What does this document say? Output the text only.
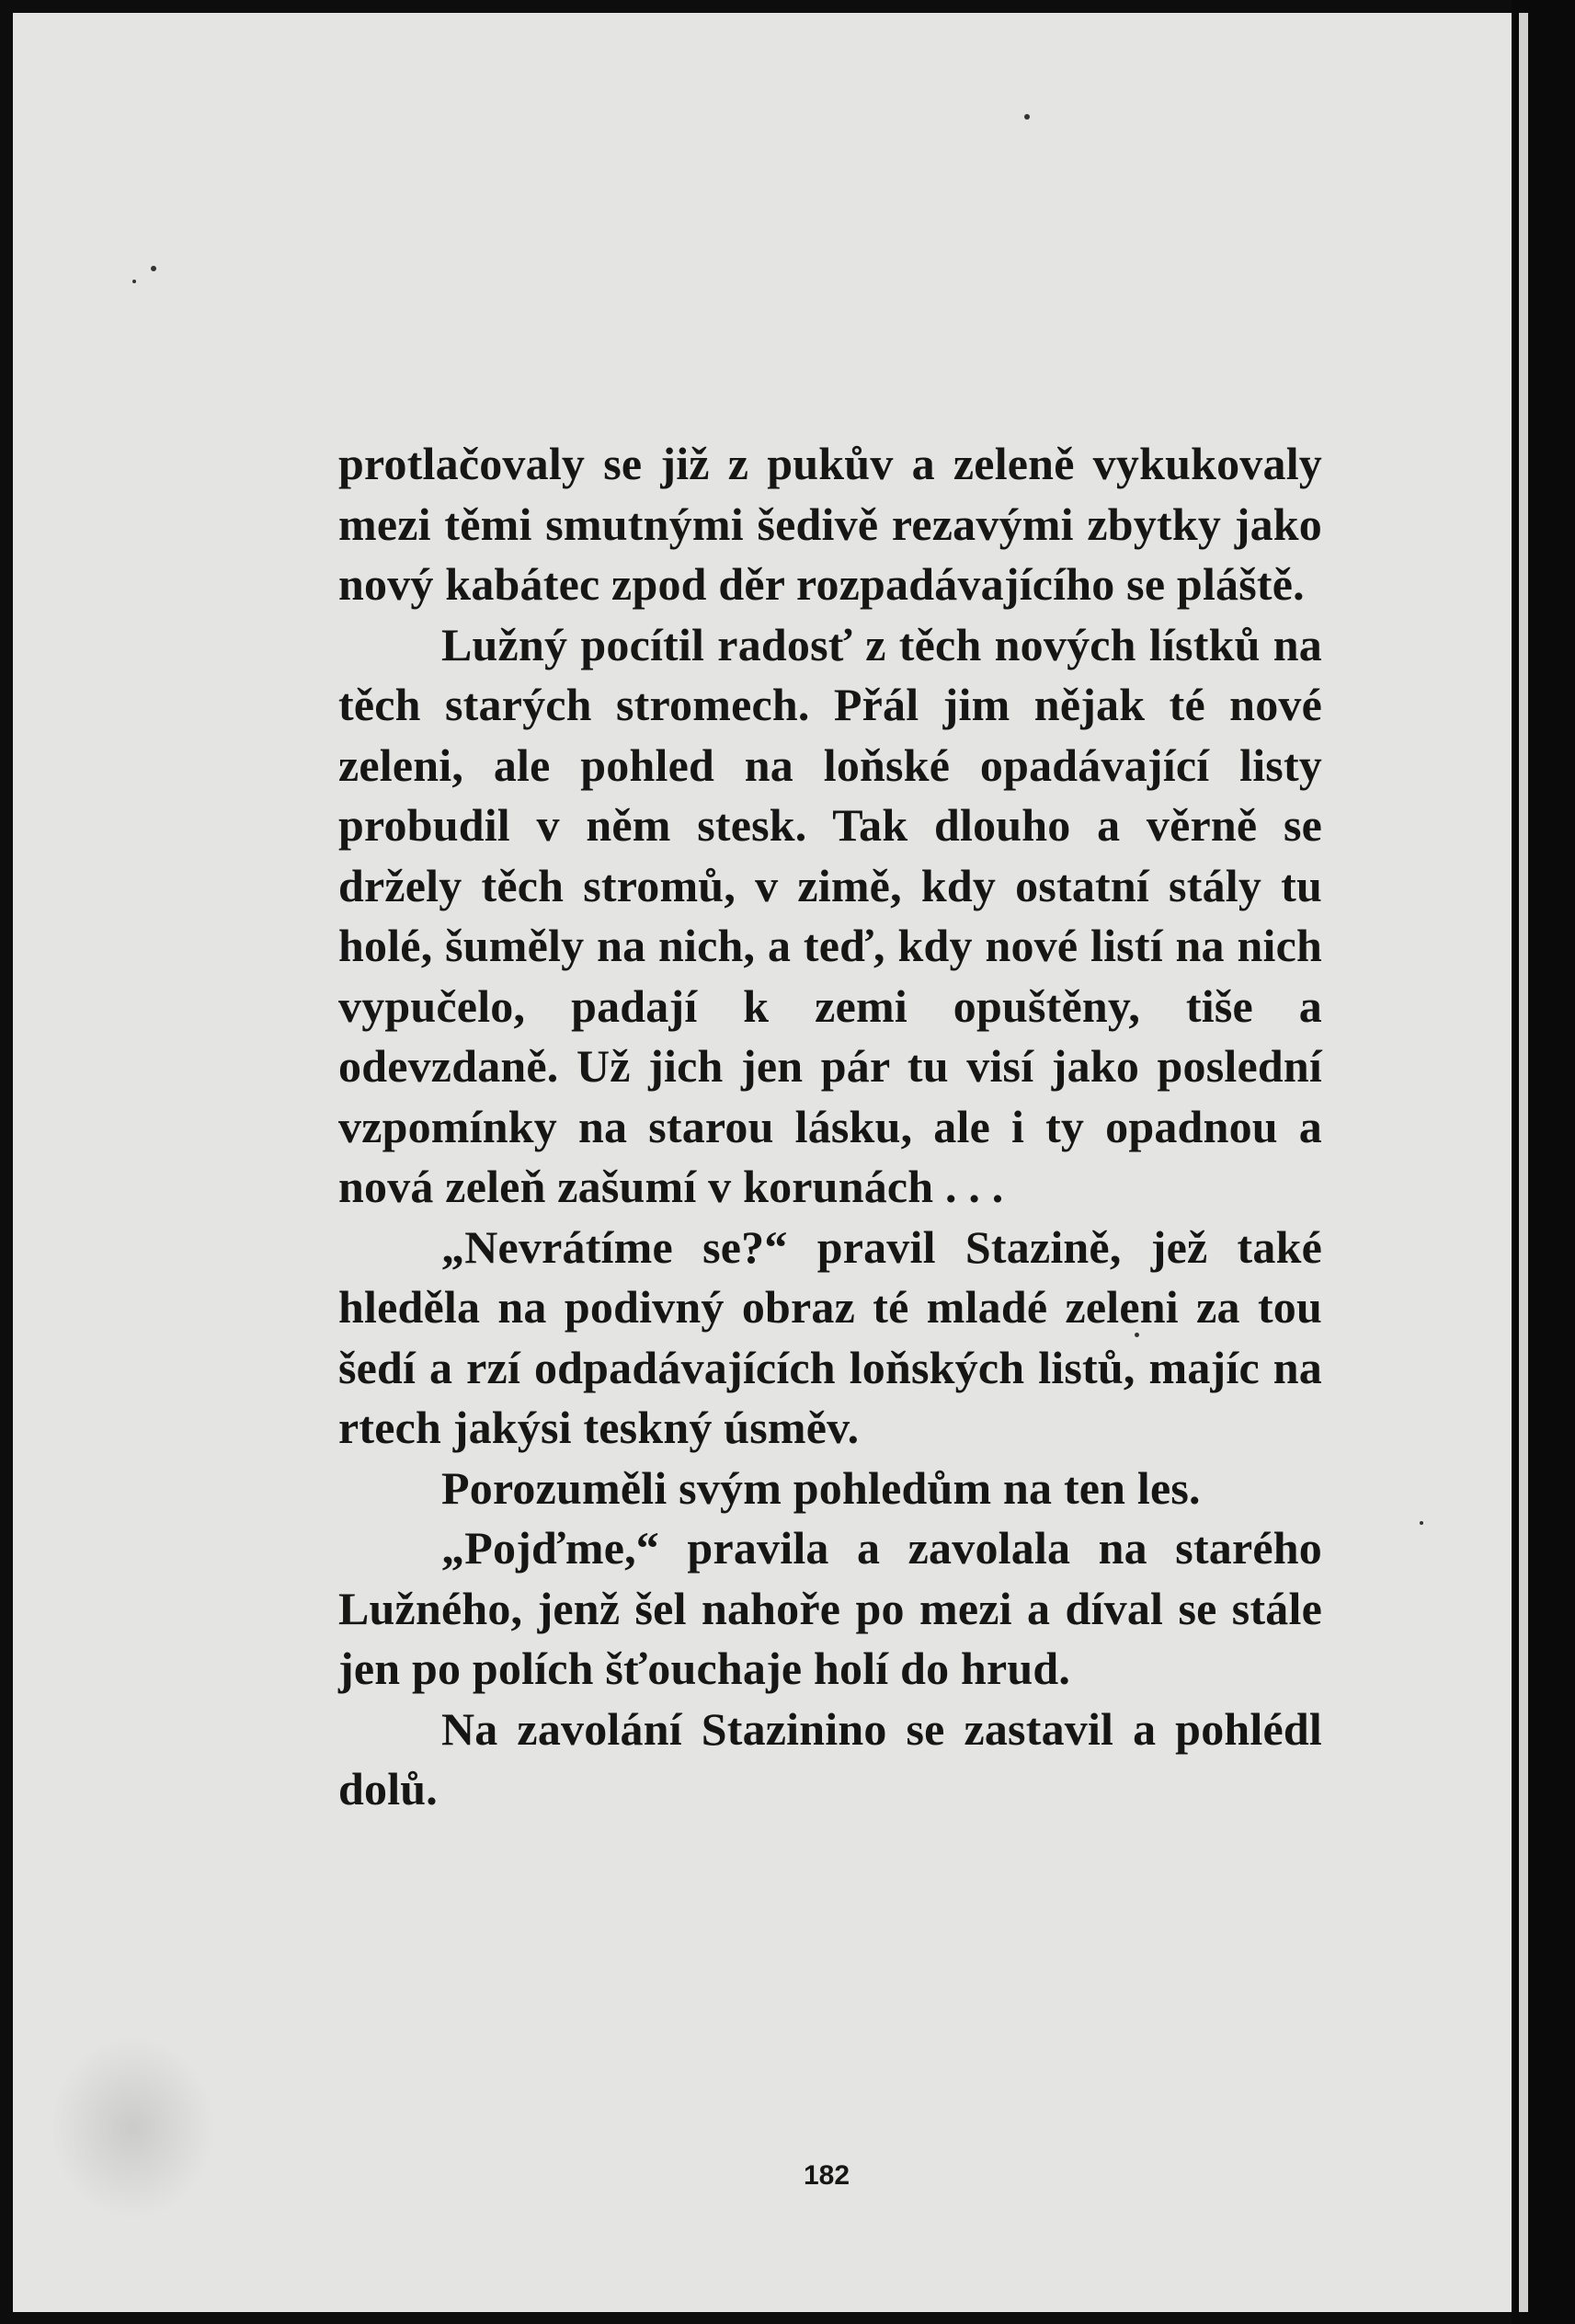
protlačovaly se již z pukův a zeleně vykukovaly mezi těmi smutnými šedivě rezavými zbytky jako nový kabátec zpod děr rozpadávajícího se pláště.

Lužný pocítil radosť z těch nových lístků na těch starých stromech. Přál jim nějak té nové zeleni, ale pohled na loňské opadávající listy probudil v něm stesk. Tak dlouho a věrně se držely těch stromů, v zimě, kdy ostatní stály tu holé, šuměly na nich, a teď, kdy nové listí na nich vypučelo, padají k zemi opuštěny, tiše a odevzdaně. Už jich jen pár tu visí jako poslední vzpomínky na starou lásku, ale i ty opadnou a nová zeleň zašumí v korunách . . .

„Nevrátíme se?“ pravil Stazině, jež také hleděla na podivný obraz té mladé zeleni za tou šedí a rzí odpadávajících loňských listů, majíc na rtech jakýsi teskný úsměv.

Porozuměli svým pohledům na ten les.

„Pojďme,“ pravila a zavolala na starého Lužného, jenž šel nahoře po mezi a díval se stále jen po polích šťouchaje holí do hrud.

Na zavolání Stazinino se zastavil a pohlédl dolů.

182
